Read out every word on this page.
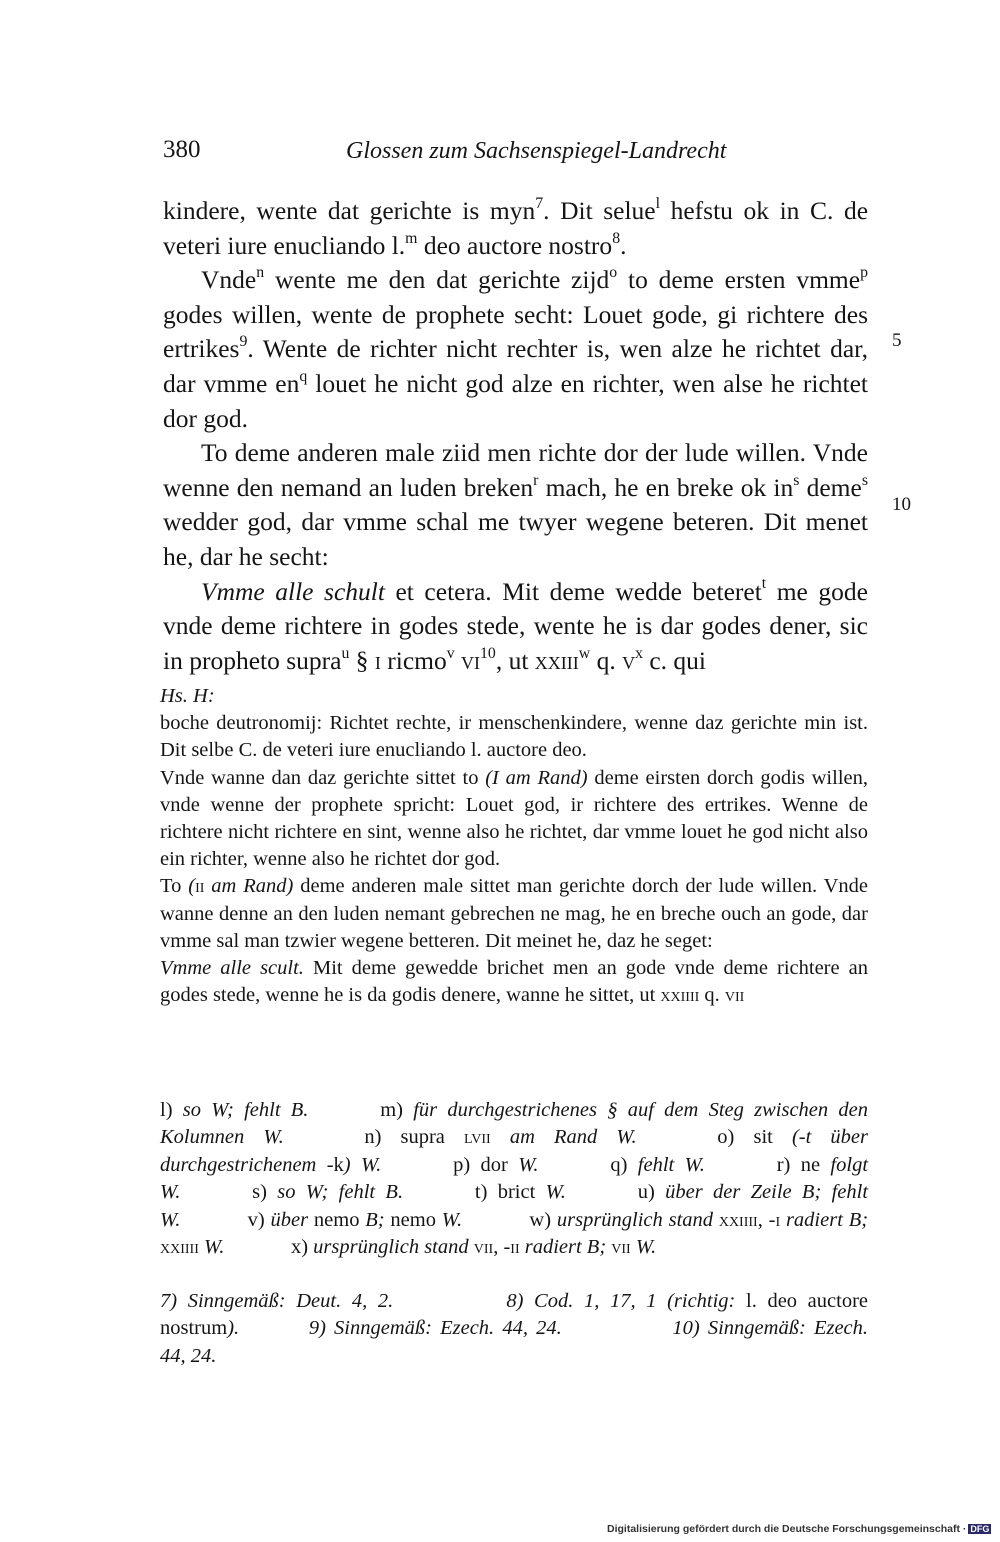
380	Glossen zum Sachsenspiegel-Landrecht
5
10

kindere, wente dat gerichte is myn$^7$. Dit selue$^l$ hefstu ok in C. de veteri iure enucliando l.$^m$ deo auctore nostro$^8$.

Vnde$^n$ wente me den dat gerichte zijd$^o$ to deme ersten vmme$^p$ godes willen, wente de prophete secht: Louet gode, gi richtere des ertrikes$^9$. Wente de richter nicht rechter is, wen alze he richtet dar, dar vmme $en^q$ louet he nicht god alze en richter, wen alse he richtet dor god.

To deme anderen male ziid men richte dor der lude willen. Vnde wenne den nemand an luden breken$^r$ mach, he en breke ok $in^s$ deme$^s$ wedder god, dar vmme schal me twyer wegene beteren. Dit menet he, dar he secht:

Vmme alle schult et cetera. Mit deme wedde beteret$^t$ me gode vnde deme richtere in godes stede, wente he is dar godes dener, sic in propheto supra$^u$ § i ricmo$^v$ $vi^{10}$, ut xxiii$^w$ q. $v^x$ c. qui

Hs. H:

boche deutronomij: Richtet rechte, ir menschenkindere, wenne daz gerichte min ist. Dit selbe C. de veteri iure enucliando l. auctore deo.

Vnde wanne dan daz gerichte sittet to (I am Rand) deme eirsten dorch godis willen, vnde wenne der prophete spricht: Louet god, ir richtere des ertrikes. Wenne de richtere nicht richtere en sint, wenne also he richtet, dar vmme louet he god nicht also ein richter, wenne also he richtet dor god.

To (ii am Rand) deme anderen male sittet man gerichte dorch der lude willen. Vnde wanne denne an den luden nemant gebrechen ne mag, he en breche ouch an gode, dar vmme sal man tzwier wegene betteren. Dit meinet he, daz he seget:

Vmme alle scult. Mit deme gewedde brichet men an gode vnde deme richtere an godes stede, wenne he is da godis denere, wanne he sittet, ut xxiiii q. vii

l) so W; fehlt B.   	m) für durchgestrichenes § auf dem Steg zwischen den Kolumnen W.   	n) supra lvii am Rand W.   	o) sit (-t über durchgestrichenem -k) W.   	p) dor W.   	q) fehlt W.   	r) ne folgt W.   	s) so W; fehlt B.   	t) brict W.   	u) über der Zeile B; fehlt W.   	v) über nemo B; nemo W.   	w) ursprünglich stand xxiiii, -i radiert B; xxiiii W.   	x) ursprünglich stand vii, -ii radiert B; vii W.
7) Sinngemäß: Deut. 4, 2.     	8) Cod. 1, 17, 1 (richtig: l. deo auctore nostrum).   	9) Sinngemäß: Ezech. 44, 24.     	10) Sinngemäß: Ezech. 44, 24.
Digitalisierung gefördert durch die Deutsche Forschungsgemeinschaft · DFG
